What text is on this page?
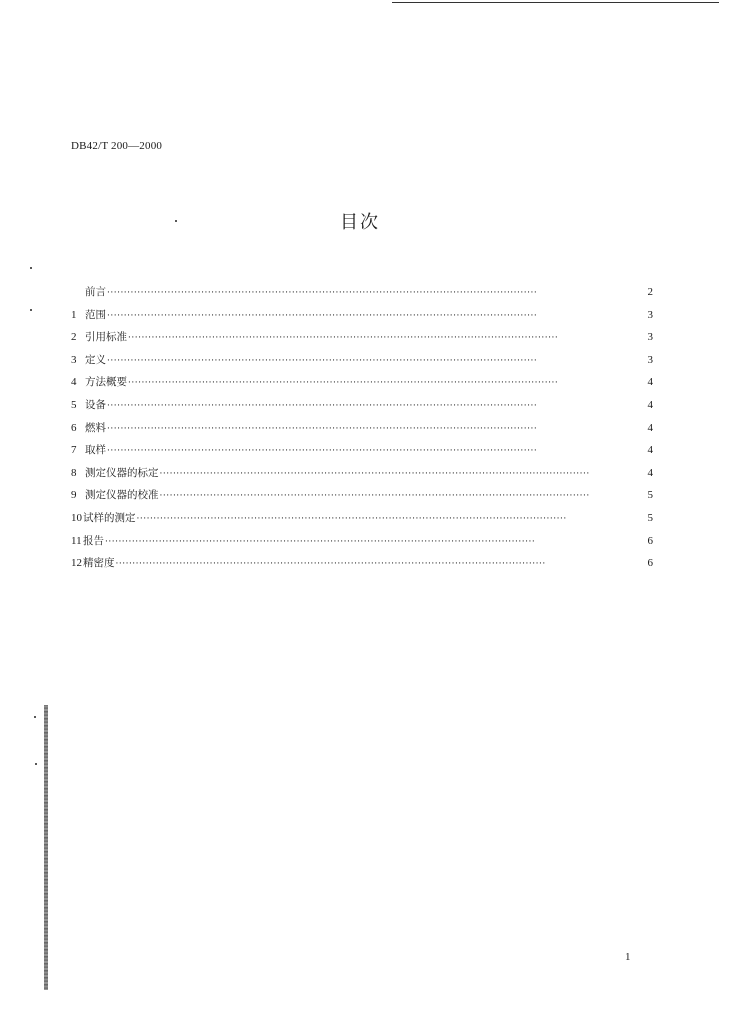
DB42/T 200—2000
目次
前言 ·····	2
1 范围 ·····	3
2 引用标准 ·····	3
3 定义 ·····	3
4 方法概要 ·····	4
5 设备 ·····	4
6 燃料 ·····	4
7 取样 ·····	4
8 测定仪器的标定 ·····	4
9 测定仪器的校准 ·····	5
10 试样的测定 ·····	5
11 报告 ·····	6
12 精密度 ·····	6
1
